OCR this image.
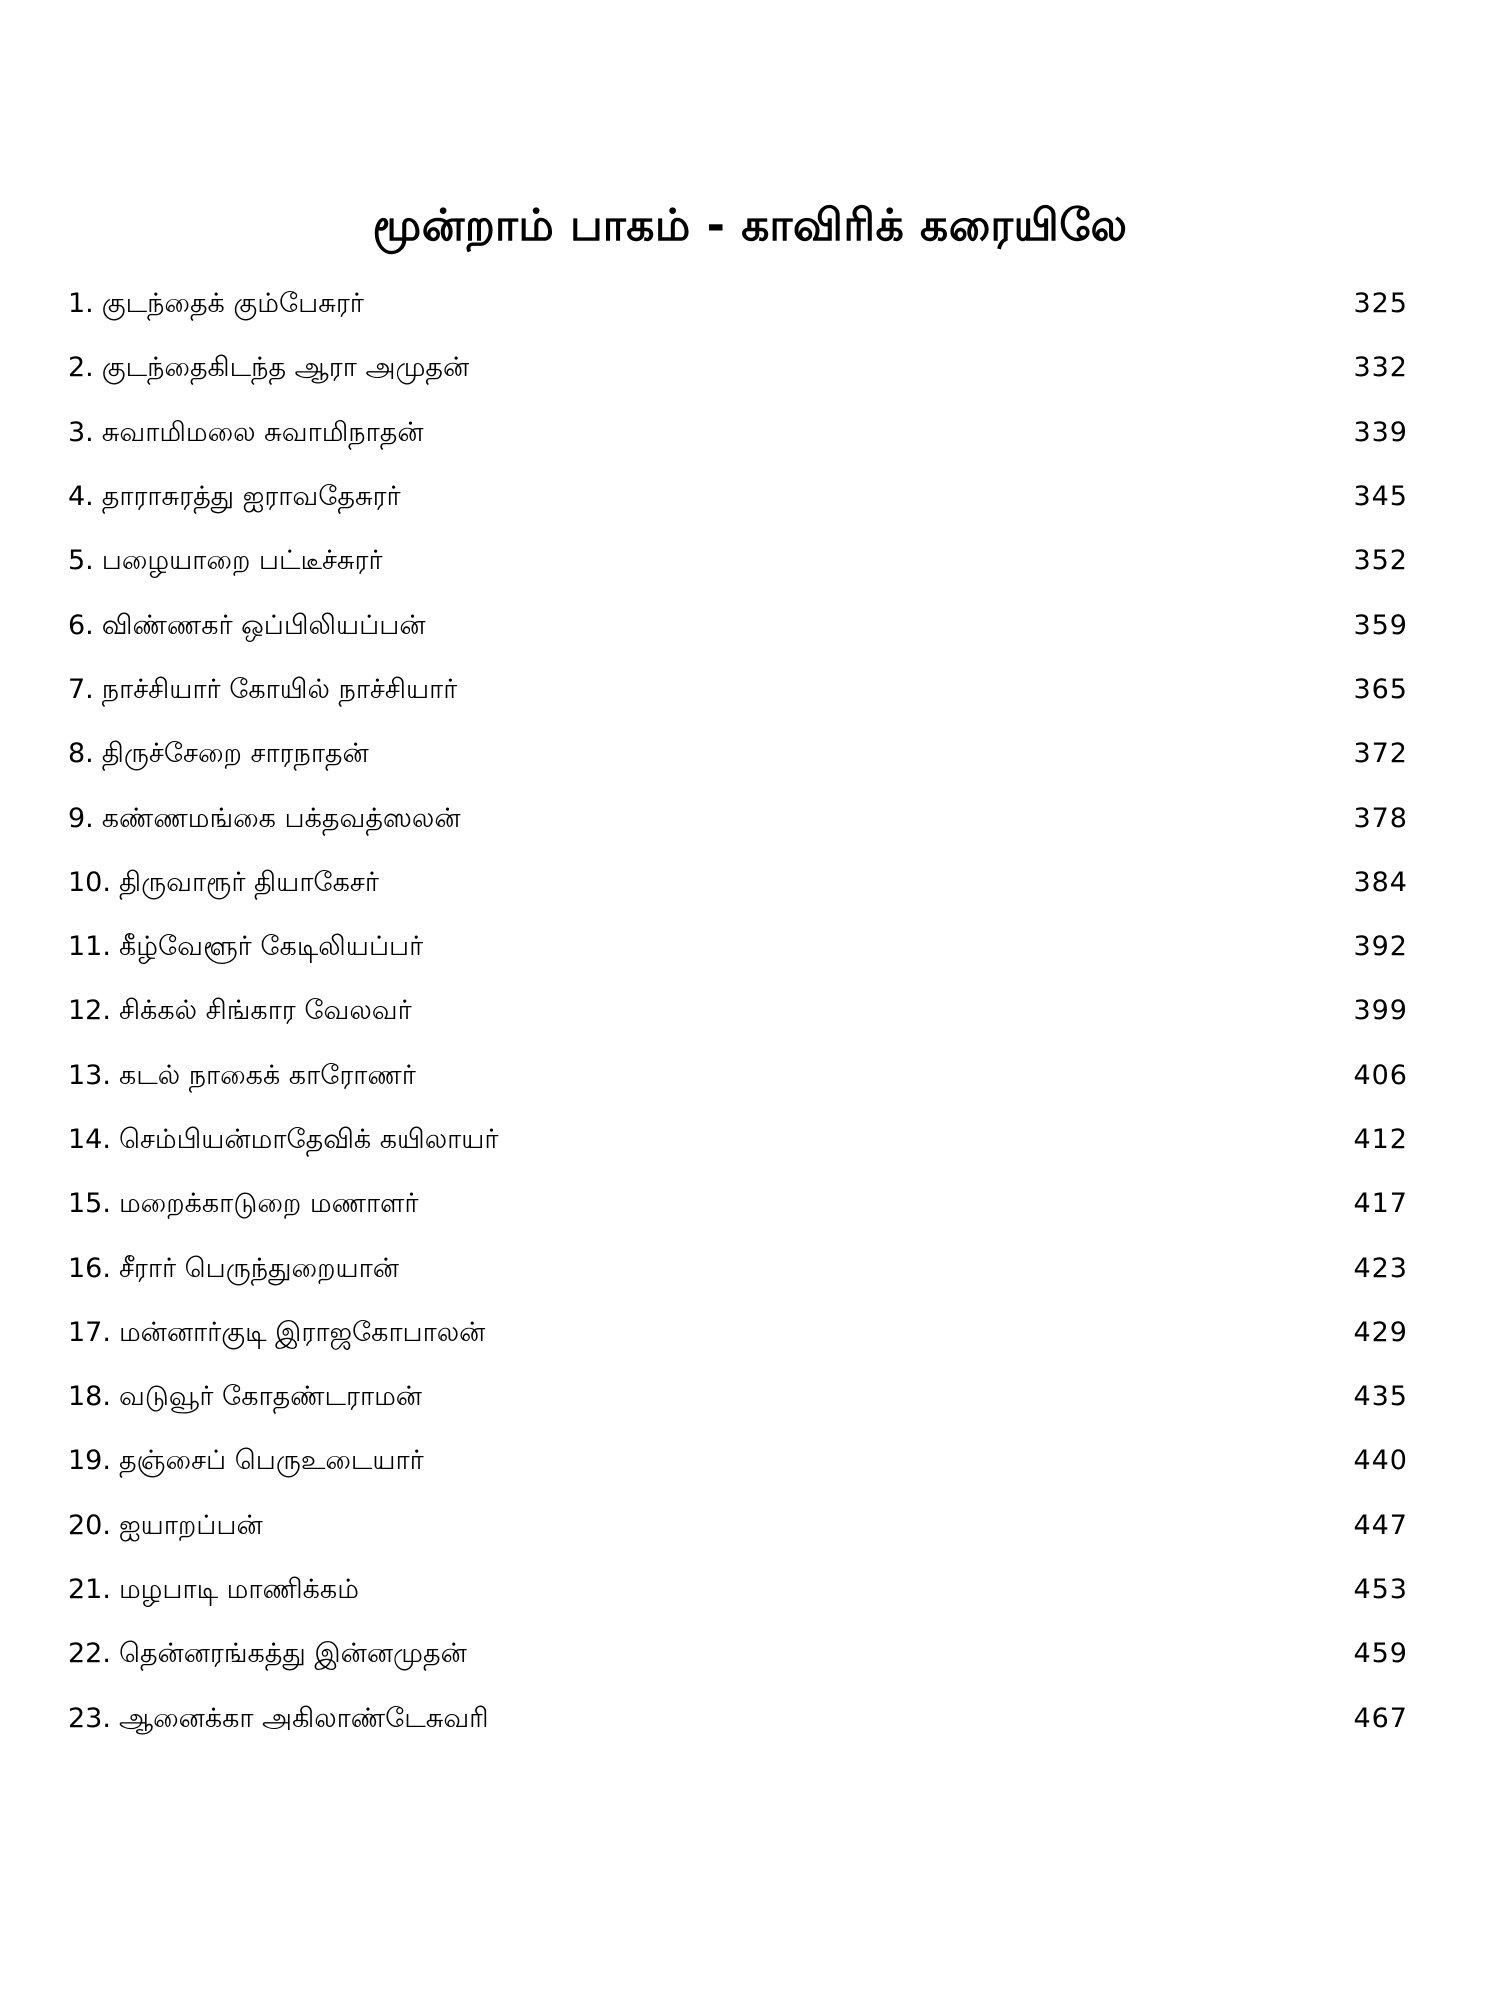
மூன்றாம் பாகம் - காவிரிக் கரையிலே
1. குடந்தைக் கும்பேசுரர்	325
2. குடந்தைகிடந்த ஆரா அமுதன்	332
3. சுவாமிமலை சுவாமிநாதன்	339
4. தாராசுரத்து ஐராவதேசுரர்	345
5. பழையாறை பட்டீச்சுரர்	352
6. விண்ணகர் ஒப்பிலியப்பன்	359
7. நாச்சியார் கோயில் நாச்சியார்	365
8. திருச்சேறை சாரநாதன்	372
9. கண்ணமங்கை பக்தவத்ஸலன்	378
10. திருவாரூர் தியாகேசர்	384
11. கீழ்வேளூர் கேடிலியப்பர்	392
12. சிக்கல் சிங்கார வேலவர்	399
13. கடல் நாகைக் காரோணர்	406
14. செம்பியன்மாதேவிக் கயிலாயர்	412
15. மறைக்காடுறை மணாளர்	417
16. சீரார் பெருந்துறையான்	423
17. மன்னார்குடி இராஜகோபாலன்	429
18. வடுவூர் கோதண்டராமன்	435
19. தஞ்சைப் பெருஉடையார்	440
20. ஐயாறப்பன்	447
21. மழபாடி மாணிக்கம்	453
22. தென்னரங்கத்து இன்னமுதன்	459
23. ஆனைக்கா அகிலாண்டேசுவரி	467
